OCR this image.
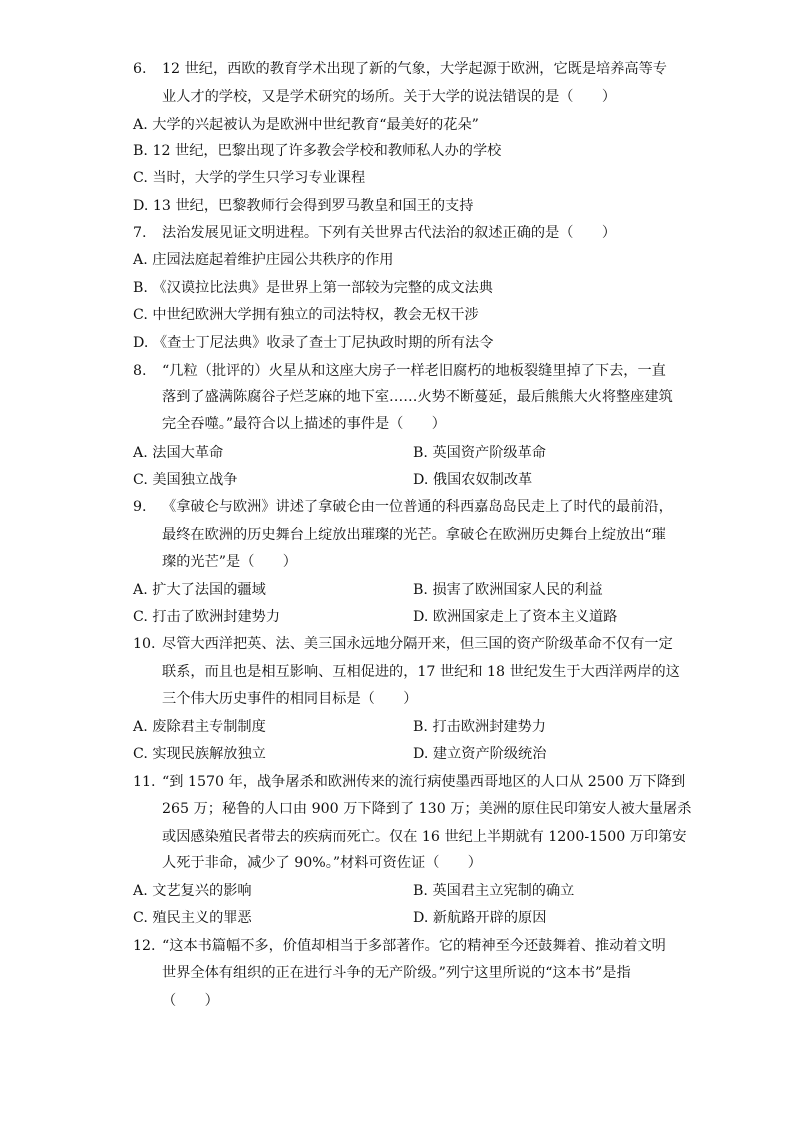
6. 12 世纪，西欧的教育学术出现了新的气象，大学起源于欧洲，它既是培养高等专
业人才的学校，又是学术研究的场所。关于大学的说法错误的是（　　）
A. 大学的兴起被认为是欧洲中世纪教育“最美好的花朵”
B. 12 世纪，巴黎出现了许多教会学校和教师私人办的学校
C. 当时，大学的学生只学习专业课程
D. 13 世纪，巴黎教师行会得到罗马教皇和国王的支持
7. 法治发展见证文明进程。下列有关世界古代法治的叙述正确的是（　　）
A. 庄园法庭起着维护庄园公共秩序的作用
B. 《汉谟拉比法典》是世界上第一部较为完整的成文法典
C. 中世纪欧洲大学拥有独立的司法特权，教会无权干涉
D. 《查士丁尼法典》收录了查士丁尼执政时期的所有法令
8. “几粒（批评的）火星从和这座大房子一样老旧腐朽的地板裂缝里掉了下去，一直
落到了盛满陈腐谷子烂芝麻的地下室……火势不断蔓延，最后熊熊大火将整座建筑
完全吞噬。”最符合以上描述的事件是（　　）
A. 法国大革命	B. 英国资产阶级革命
C. 美国独立战争	D. 俄国农奴制改革
9. 《拿破仑与欧洲》讲述了拿破仑由一位普通的科西嘉岛岛民走上了时代的最前沿，
最终在欧洲的历史舞台上绽放出璀璨的光芒。拿破仑在欧洲历史舞台上绽放出“璀
璨的光芒”是（　　）
A. 扩大了法国的疆域	B. 损害了欧洲国家人民的利益
C. 打击了欧洲封建势力	D. 欧洲国家走上了资本主义道路
10. 尽管大西洋把英、法、美三国永远地分隔开来，但三国的资产阶级革命不仅有一定
联系，而且也是相互影响、互相促进的，17 世纪和 18 世纪发生于大西洋两岸的这
三个伟大历史事件的相同目标是（　　）
A. 废除君主专制制度	B. 打击欧洲封建势力
C. 实现民族解放独立	D. 建立资产阶级统治
11. “到 1570 年，战争屠杀和欧洲传来的流行病使墨西哥地区的人口从 2500 万下降到
265 万；秘鲁的人口由 900 万下降到了 130 万；美洲的原住民印第安人被大量屠杀
或因感染殖民者带去的疾病而死亡。仅在 16 世纪上半期就有 1200-1500 万印第安
人死于非命，减少了 90%。”材料可资佐证（　　）
A. 文艺复兴的影响	B. 英国君主立宪制的确立
C. 殖民主义的罪恶	D. 新航路开辟的原因
12. “这本书篇幅不多，价值却相当于多部著作。它的精神至今还鼓舞着、推动着文明
世界全体有组织的正在进行斗争的无产阶级。”列宁这里所说的“这本书”是指
（　　）
